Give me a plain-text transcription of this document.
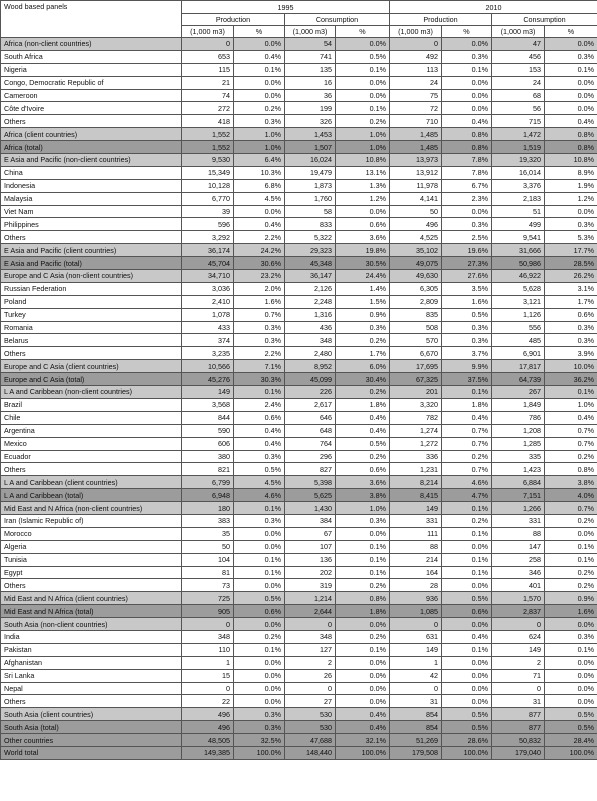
Wood based panels	1995				2010			
	Production		Consumption		Production		Consumption	
	(1,000 m3)	%	(1,000 m3)	%	(1,000 m3)	%	(1,000 m3)	%
Africa (non-client countries)	0	0.0%	54	0.0%	0	0.0%	47	0.0%
South Africa	653	0.4%	741	0.5%	492	0.3%	456	0.3%
Nigeria	115	0.1%	135	0.1%	113	0.1%	153	0.1%
Congo, Democratic Republic of	21	0.0%	16	0.0%	24	0.0%	24	0.0%
Cameroon	74	0.0%	36	0.0%	75	0.0%	68	0.0%
Côte d'Ivoire	272	0.2%	199	0.1%	72	0.0%	56	0.0%
Others	418	0.3%	326	0.2%	710	0.4%	715	0.4%
Africa (client countries)	1,552	1.0%	1,453	1.0%	1,485	0.8%	1,472	0.8%
Africa (total)	1,552	1.0%	1,507	1.0%	1,485	0.8%	1,519	0.8%
E Asia and Pacific (non-client countries)	9,530	6.4%	16,024	10.8%	13,973	7.8%	19,320	10.8%
China	15,349	10.3%	19,479	13.1%	13,912	7.8%	16,014	8.9%
Indonesia	10,128	6.8%	1,873	1.3%	11,978	6.7%	3,376	1.9%
Malaysia	6,770	4.5%	1,760	1.2%	4,141	2.3%	2,183	1.2%
Viet Nam	39	0.0%	58	0.0%	50	0.0%	51	0.0%
Philippines	596	0.4%	833	0.6%	496	0.3%	499	0.3%
Others	3,292	2.2%	5,322	3.6%	4,525	2.5%	9,541	5.3%
E Asia and Pacific (client countries)	36,174	24.2%	29,323	19.8%	35,102	19.6%	31,666	17.7%
E Asia and Pacific (total)	45,704	30.6%	45,348	30.5%	49,075	27.3%	50,986	28.5%
Europe and C Asia (non-client countries)	34,710	23.2%	36,147	24.4%	49,630	27.6%	46,922	26.2%
Russian Federation	3,036	2.0%	2,126	1.4%	6,305	3.5%	5,628	3.1%
Poland	2,410	1.6%	2,248	1.5%	2,809	1.6%	3,121	1.7%
Turkey	1,078	0.7%	1,316	0.9%	835	0.5%	1,126	0.6%
Romania	433	0.3%	436	0.3%	508	0.3%	556	0.3%
Belarus	374	0.3%	348	0.2%	570	0.3%	485	0.3%
Others	3,235	2.2%	2,480	1.7%	6,670	3.7%	6,901	3.9%
Europe and C Asia (client countries)	10,566	7.1%	8,952	6.0%	17,695	9.9%	17,817	10.0%
Europe and C Asia (total)	45,276	30.3%	45,099	30.4%	67,325	37.5%	64,739	36.2%
L A and Caribbean (non-client countries)	149	0.1%	226	0.2%	201	0.1%	267	0.1%
Brazil	3,568	2.4%	2,617	1.8%	3,320	1.8%	1,849	1.0%
Chile	844	0.6%	646	0.4%	782	0.4%	786	0.4%
Argentina	590	0.4%	648	0.4%	1,274	0.7%	1,208	0.7%
Mexico	606	0.4%	764	0.5%	1,272	0.7%	1,285	0.7%
Ecuador	380	0.3%	296	0.2%	336	0.2%	335	0.2%
Others	821	0.5%	827	0.6%	1,231	0.7%	1,423	0.8%
L A and Caribbean (client countries)	6,799	4.5%	5,398	3.6%	8,214	4.6%	6,884	3.8%
L A and Caribbean (total)	6,948	4.6%	5,625	3.8%	8,415	4.7%	7,151	4.0%
Mid East and N Africa (non-client countries)	180	0.1%	1,430	1.0%	149	0.1%	1,266	0.7%
Iran (Islamic Republic of)	383	0.3%	384	0.3%	331	0.2%	331	0.2%
Morocco	35	0.0%	67	0.0%	111	0.1%	88	0.0%
Algeria	50	0.0%	107	0.1%	88	0.0%	147	0.1%
Tunisia	104	0.1%	136	0.1%	214	0.1%	258	0.1%
Egypt	81	0.1%	202	0.1%	164	0.1%	346	0.2%
Others	73	0.0%	319	0.2%	28	0.0%	401	0.2%
Mid East and N Africa (client countries)	725	0.5%	1,214	0.8%	936	0.5%	1,570	0.9%
Mid East and N Africa (total)	905	0.6%	2,644	1.8%	1,085	0.6%	2,837	1.6%
South Asia (non-client countries)	0	0.0%	0	0.0%	0	0.0%	0	0.0%
India	348	0.2%	348	0.2%	631	0.4%	624	0.3%
Pakistan	110	0.1%	127	0.1%	149	0.1%	149	0.1%
Afghanistan	1	0.0%	2	0.0%	1	0.0%	2	0.0%
Sri Lanka	15	0.0%	26	0.0%	42	0.0%	71	0.0%
Nepal	0	0.0%	0	0.0%	0	0.0%	0	0.0%
Others	22	0.0%	27	0.0%	31	0.0%	31	0.0%
South Asia (client countries)	496	0.3%	530	0.4%	854	0.5%	877	0.5%
South Asia (total)	496	0.3%	530	0.4%	854	0.5%	877	0.5%
Other countries	48,505	32.5%	47,688	32.1%	51,269	28.6%	50,832	28.4%
World total	149,385	100.0%	148,440	100.0%	179,508	100.0%	179,040	100.0%
